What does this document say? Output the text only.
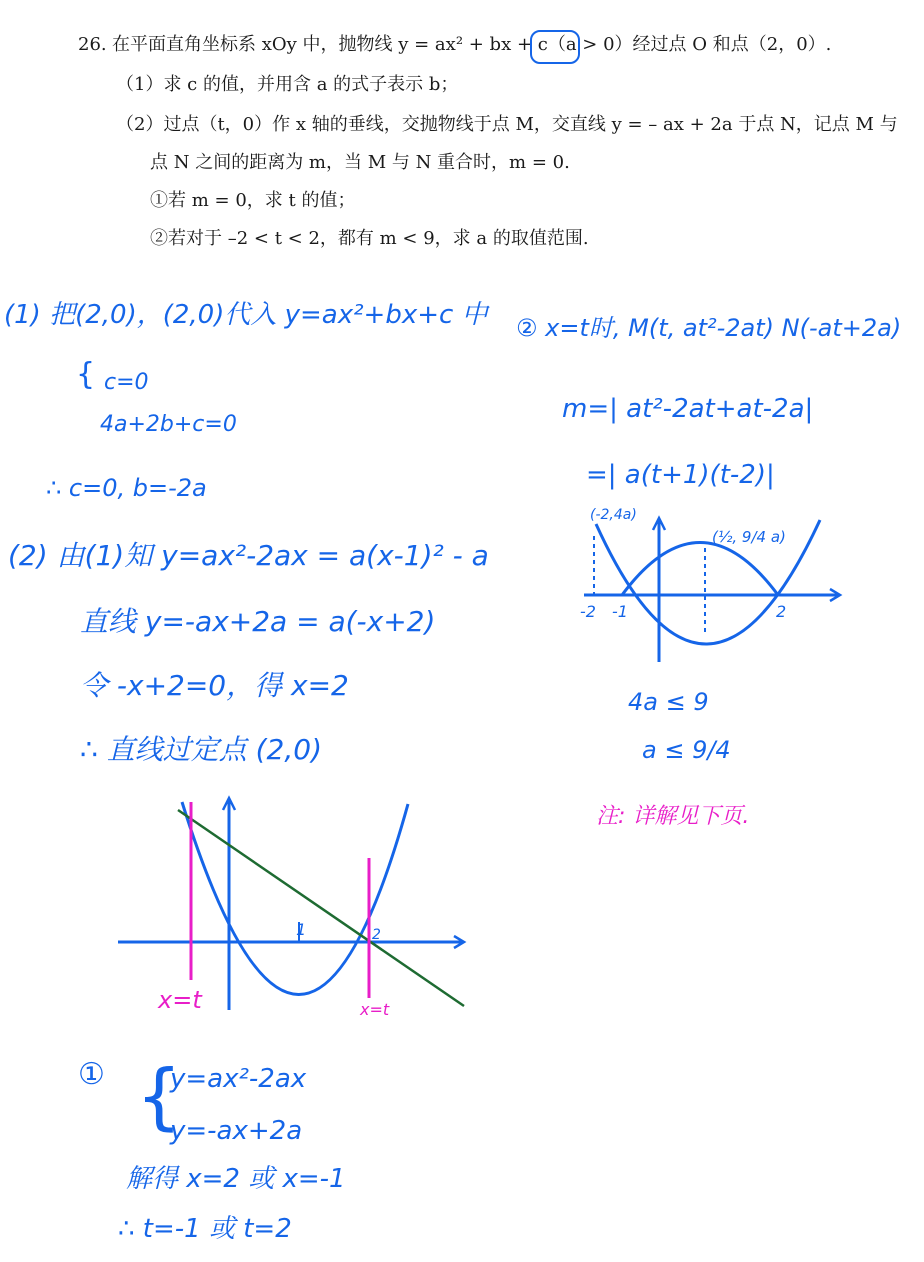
26. 在平面直角坐标系 xOy 中，抛物线 y = ax² + bx + c（a > 0）经过点 O 和点（2，0）.
（1）求 c 的值，并用含 a 的式子表示 b；
（2）过点（t，0）作 x 轴的垂线，交抛物线于点 M，交直线 y = – ax + 2a 于点 N，记点 M 与
点 N 之间的距离为 m，当 M 与 N 重合时，m = 0.
①若 m = 0，求 t 的值；
②若对于 –2 < t < 2，都有 m < 9，求 a 的取值范围.
(1) 把(2,0)，(2,0)代入 y=ax²+bx+c 中
{ c=0
4a+2b+c=0
∴ c=0, b=-2a
(2) 由(1)知 y=ax²-2ax = a(x-1)² - a
直线 y=-ax+2a = a(-x+2)
令 -x+2=0，得 x=2
∴ 直线过定点 (2,0)
1	2
x=t	x=t
① {
y=ax²-2ax
y=-ax+2a
解得 x=2 或 x=-1
∴ t=-1 或 t=2
② x=t时, M(t, at²-2at) N(-at+2a)
m=| at²-2at+at-2a|
=| a(t+1)(t-2)|
(-2,4a)
(½, 9/4 a)
-2 -1	2
4a ≤ 9
a ≤ 9/4
注: 详解见下页.
